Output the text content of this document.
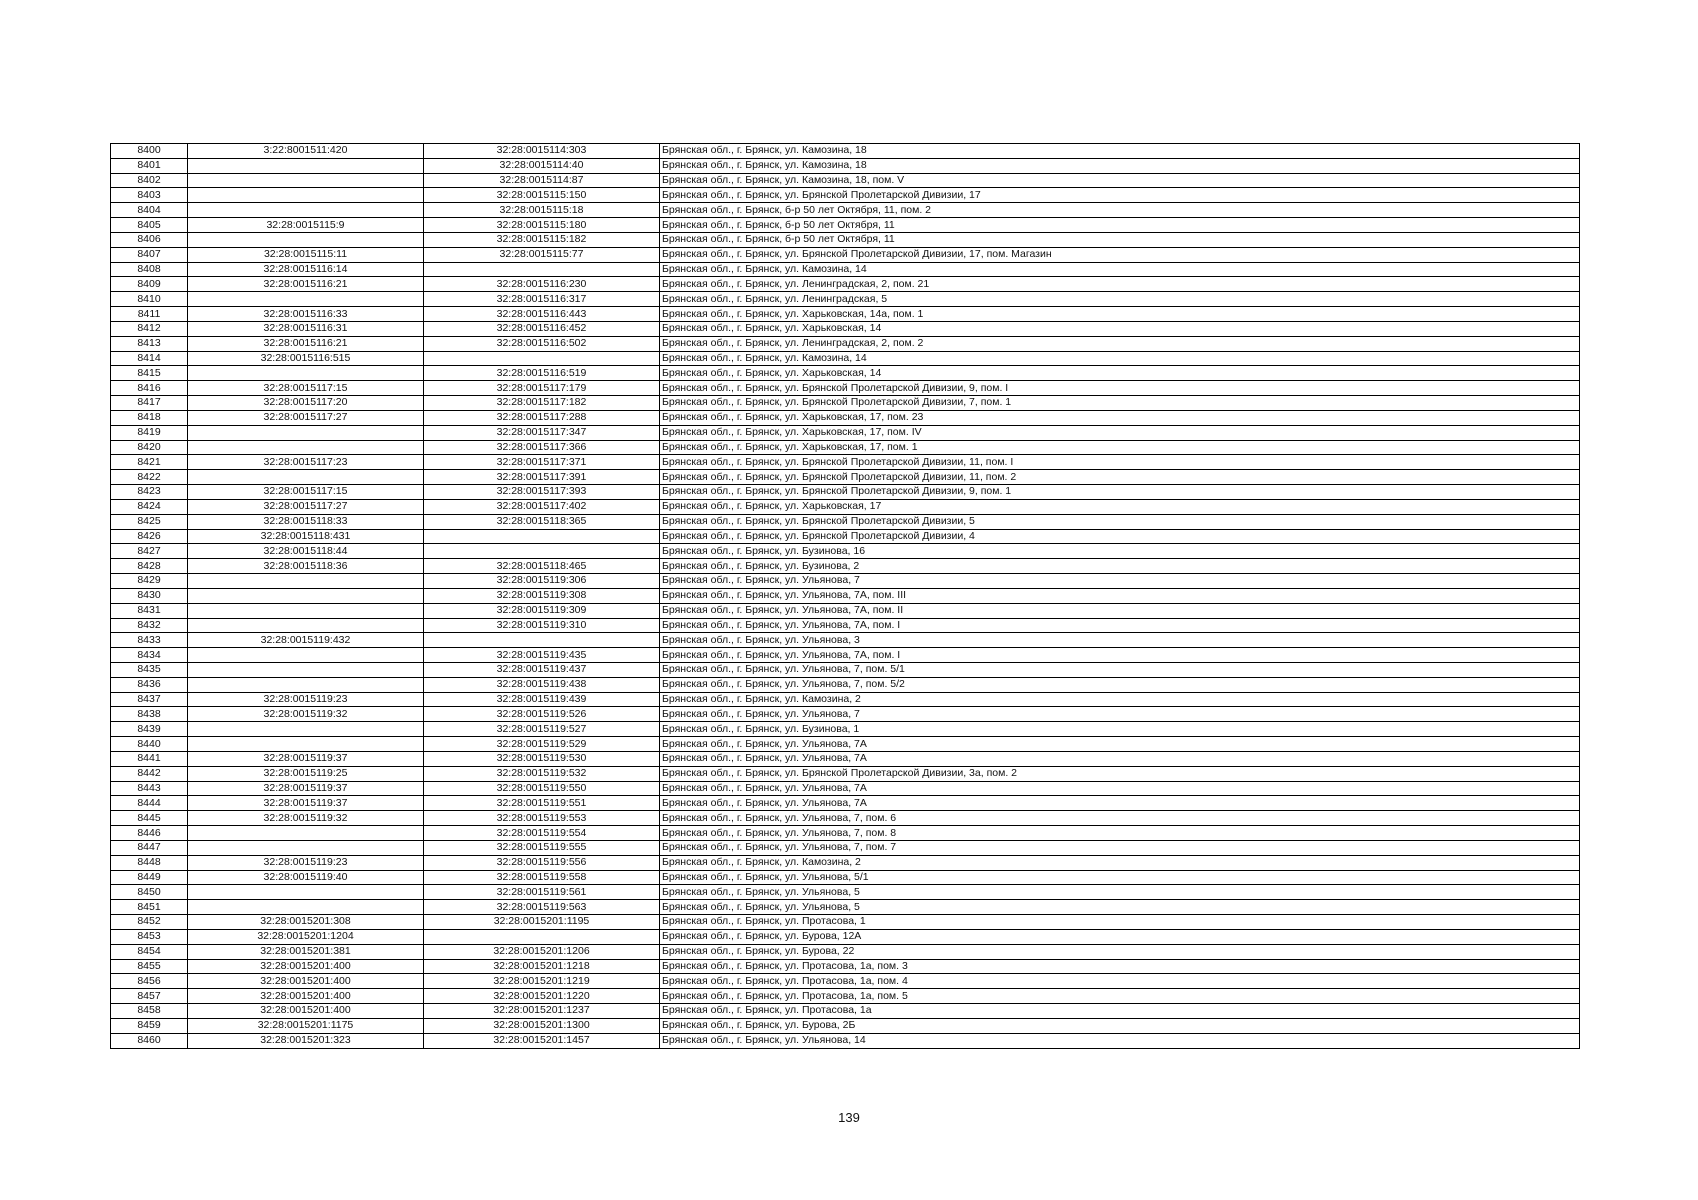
8400	3:22:8001511:420	32:28:0015114:303	Брянская обл., г. Брянск, ул. Камозина, 18
8401		32:28:0015114:40	Брянская обл., г. Брянск, ул. Камозина, 18
8402		32:28:0015114:87	Брянская обл., г. Брянск, ул. Камозина, 18, пом. V
8403		32:28:0015115:150	Брянская обл., г. Брянск, ул. Брянской Пролетарской Дивизии, 17
8404		32:28:0015115:18	Брянская обл., г. Брянск, б-р 50 лет Октября, 11, пом. 2
8405	32:28:0015115:9	32:28:0015115:180	Брянская обл., г. Брянск, б-р 50 лет Октября, 11
8406		32:28:0015115:182	Брянская обл., г. Брянск, б-р 50 лет Октября, 11
8407	32:28:0015115:11	32:28:0015115:77	Брянская обл., г. Брянск, ул. Брянской Пролетарской Дивизии, 17, пом. Магазин
8408	32:28:0015116:14		Брянская обл., г. Брянск, ул. Камозина, 14
8409	32:28:0015116:21	32:28:0015116:230	Брянская обл., г. Брянск, ул. Ленинградская, 2, пом. 21
8410		32:28:0015116:317	Брянская обл., г. Брянск, ул. Ленинградская, 5
8411	32:28:0015116:33	32:28:0015116:443	Брянская обл., г. Брянск, ул. Харьковская, 14а, пом. 1
8412	32:28:0015116:31	32:28:0015116:452	Брянская обл., г. Брянск, ул. Харьковская, 14
8413	32:28:0015116:21	32:28:0015116:502	Брянская обл., г. Брянск, ул. Ленинградская, 2, пом. 2
8414	32:28:0015116:515		Брянская обл., г. Брянск, ул. Камозина, 14
8415		32:28:0015116:519	Брянская обл., г. Брянск, ул. Харьковская, 14
8416	32:28:0015117:15	32:28:0015117:179	Брянская обл., г. Брянск, ул. Брянской Пролетарской Дивизии, 9, пом. I
8417	32:28:0015117:20	32:28:0015117:182	Брянская обл., г. Брянск, ул. Брянской Пролетарской Дивизии, 7, пом. 1
8418	32:28:0015117:27	32:28:0015117:288	Брянская обл., г. Брянск, ул. Харьковская, 17, пом. 23
8419		32:28:0015117:347	Брянская обл., г. Брянск, ул. Харьковская, 17, пом. IV
8420		32:28:0015117:366	Брянская обл., г. Брянск, ул. Харьковская, 17, пом. 1
8421	32:28:0015117:23	32:28:0015117:371	Брянская обл., г. Брянск, ул. Брянской Пролетарской Дивизии, 11, пом. I
8422		32:28:0015117:391	Брянская обл., г. Брянск, ул. Брянской Пролетарской Дивизии, 11, пом. 2
8423	32:28:0015117:15	32:28:0015117:393	Брянская обл., г. Брянск, ул. Брянской Пролетарской Дивизии, 9, пом. 1
8424	32:28:0015117:27	32:28:0015117:402	Брянская обл., г. Брянск, ул. Харьковская, 17
8425	32:28:0015118:33	32:28:0015118:365	Брянская обл., г. Брянск, ул. Брянской Пролетарской Дивизии, 5
8426	32:28:0015118:431		Брянская обл., г. Брянск, ул. Брянской Пролетарской Дивизии, 4
8427	32:28:0015118:44		Брянская обл., г. Брянск, ул. Бузинова, 16
8428	32:28:0015118:36	32:28:0015118:465	Брянская обл., г. Брянск, ул. Бузинова, 2
8429		32:28:0015119:306	Брянская обл., г. Брянск, ул. Ульянова, 7
8430		32:28:0015119:308	Брянская обл., г. Брянск, ул. Ульянова, 7А, пом. III
8431		32:28:0015119:309	Брянская обл., г. Брянск, ул. Ульянова, 7А, пом. II
8432		32:28:0015119:310	Брянская обл., г. Брянск, ул. Ульянова, 7А, пом. I
8433	32:28:0015119:432		Брянская обл., г. Брянск, ул. Ульянова, 3
8434		32:28:0015119:435	Брянская обл., г. Брянск, ул. Ульянова, 7А, пом. I
8435		32:28:0015119:437	Брянская обл., г. Брянск, ул. Ульянова, 7, пом. 5/1
8436		32:28:0015119:438	Брянская обл., г. Брянск, ул. Ульянова, 7, пом. 5/2
8437	32:28:0015119:23	32:28:0015119:439	Брянская обл., г. Брянск, ул. Камозина, 2
8438	32:28:0015119:32	32:28:0015119:526	Брянская обл., г. Брянск, ул. Ульянова, 7
8439		32:28:0015119:527	Брянская обл., г. Брянск, ул. Бузинова, 1
8440		32:28:0015119:529	Брянская обл., г. Брянск, ул. Ульянова, 7А
8441	32:28:0015119:37	32:28:0015119:530	Брянская обл., г. Брянск, ул. Ульянова, 7А
8442	32:28:0015119:25	32:28:0015119:532	Брянская обл., г. Брянск, ул. Брянской Пролетарской Дивизии, 3а, пом. 2
8443	32:28:0015119:37	32:28:0015119:550	Брянская обл., г. Брянск, ул. Ульянова, 7А
8444	32:28:0015119:37	32:28:0015119:551	Брянская обл., г. Брянск, ул. Ульянова, 7А
8445	32:28:0015119:32	32:28:0015119:553	Брянская обл., г. Брянск, ул. Ульянова, 7, пом. 6
8446		32:28:0015119:554	Брянская обл., г. Брянск, ул. Ульянова, 7, пом. 8
8447		32:28:0015119:555	Брянская обл., г. Брянск, ул. Ульянова, 7, пом. 7
8448	32:28:0015119:23	32:28:0015119:556	Брянская обл., г. Брянск, ул. Камозина, 2
8449	32:28:0015119:40	32:28:0015119:558	Брянская обл., г. Брянск, ул. Ульянова, 5/1
8450		32:28:0015119:561	Брянская обл., г. Брянск, ул. Ульянова, 5
8451		32:28:0015119:563	Брянская обл., г. Брянск, ул. Ульянова, 5
8452	32:28:0015201:308	32:28:0015201:1195	Брянская обл., г. Брянск, ул. Протасова, 1
8453	32:28:0015201:1204		Брянская обл., г. Брянск, ул. Бурова, 12А
8454	32:28:0015201:381	32:28:0015201:1206	Брянская обл., г. Брянск, ул. Бурова, 22
8455	32:28:0015201:400	32:28:0015201:1218	Брянская обл., г. Брянск, ул. Протасова, 1а, пом. 3
8456	32:28:0015201:400	32:28:0015201:1219	Брянская обл., г. Брянск, ул. Протасова, 1а, пом. 4
8457	32:28:0015201:400	32:28:0015201:1220	Брянская обл., г. Брянск, ул. Протасова, 1а, пом. 5
8458	32:28:0015201:400	32:28:0015201:1237	Брянская обл., г. Брянск, ул. Протасова, 1а
8459	32:28:0015201:1175	32:28:0015201:1300	Брянская обл., г. Брянск, ул. Бурова, 2Б
8460	32:28:0015201:323	32:28:0015201:1457	Брянская обл., г. Брянск, ул. Ульянова, 14
139
